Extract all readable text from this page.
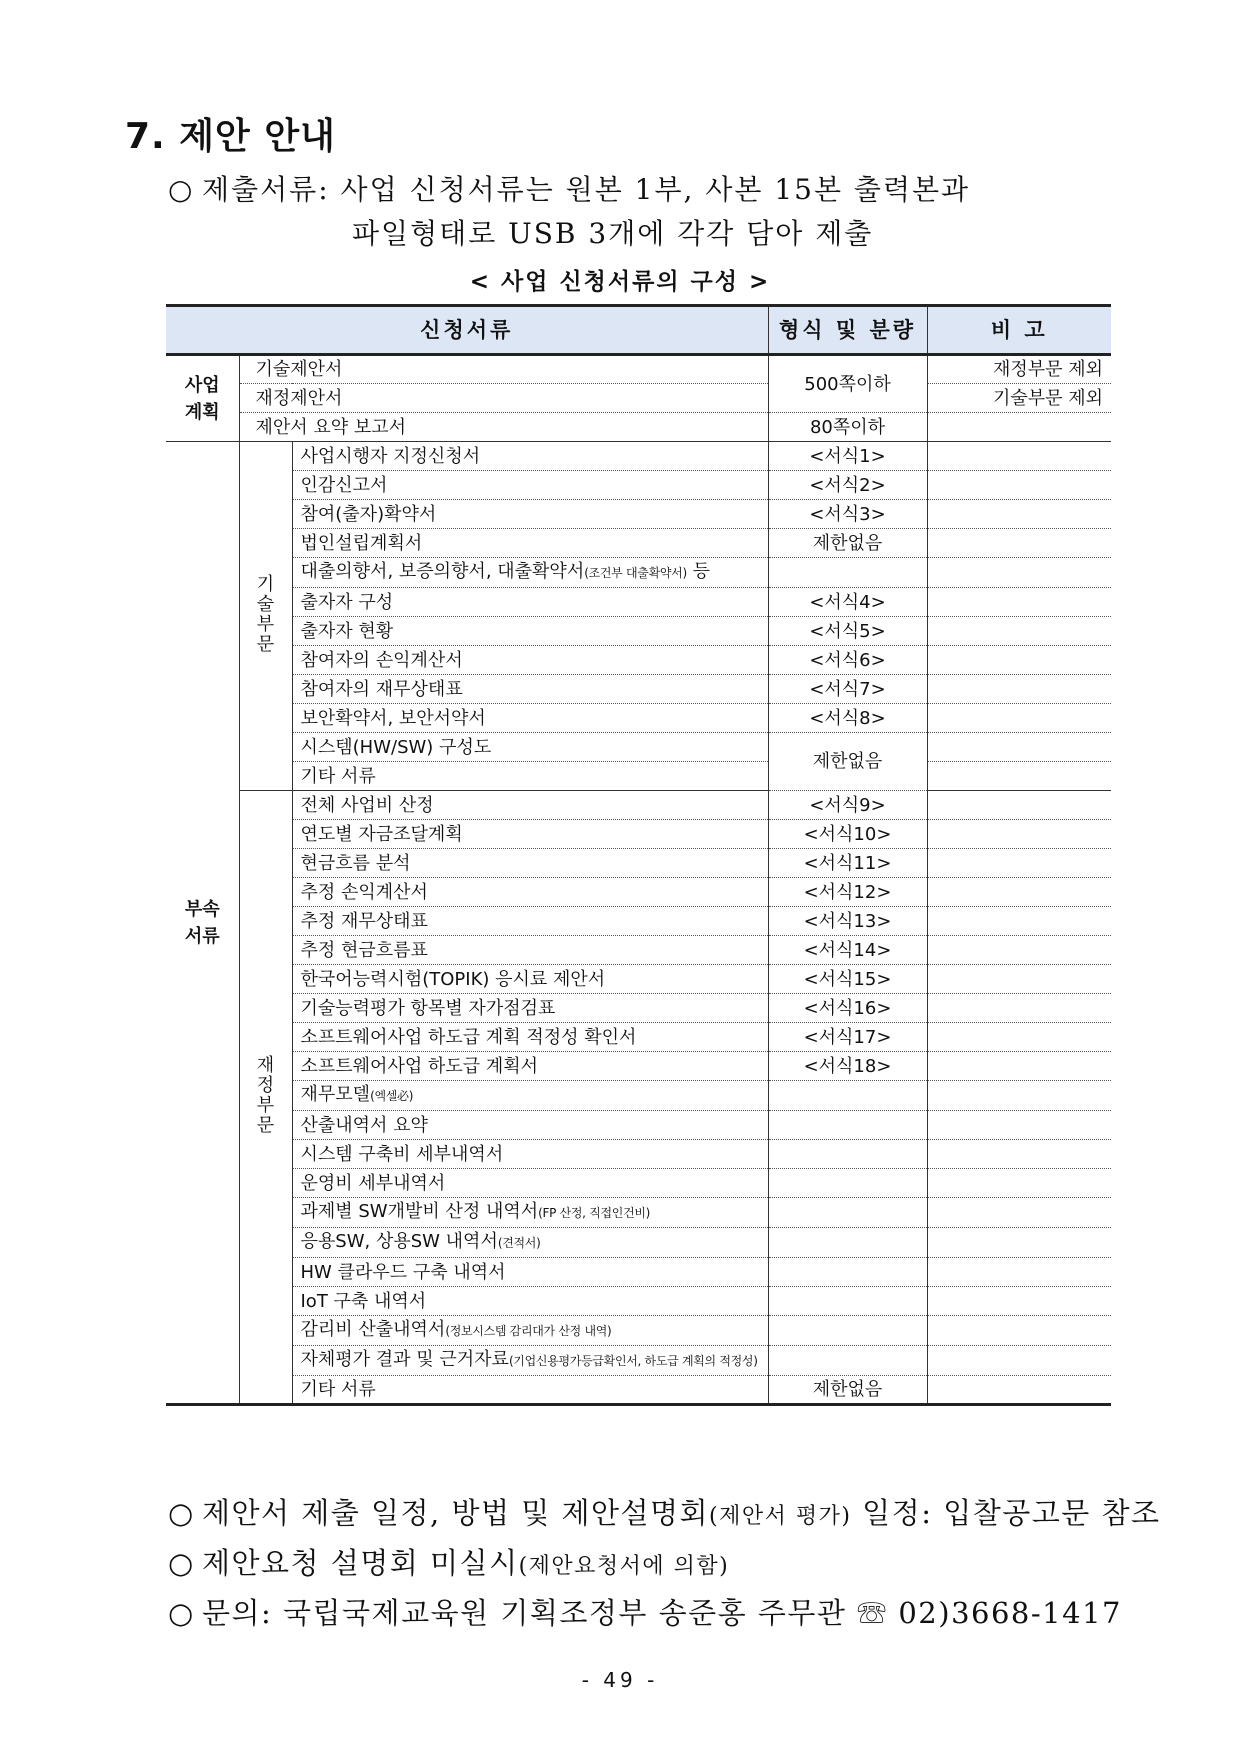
7. 제안 안내
○ 제출서류: 사업 신청서류는 원본 1부, 사본 15본 출력본과
파일형태로 USB 3개에 각각 담아 제출
< 사업 신청서류의 구성 >
신청서류			형식 및 분량	비 고
사업계획	기술제안서		500쪽이하	재정부문 제외
	재정제안서			기술부문 제외
	제안서 요약 보고서		80쪽이하	
부속서류	기술부문	사업시행자 지정신청서	<서식1>	
		인감신고서	<서식2>	
		참여(출자)확약서	<서식3>	
		법인설립계획서	제한없음	
		대출의향서, 보증의향서, 대출확약서(조건부 대출확약서) 등		
		출자자 구성	<서식4>	
		출자자 현황	<서식5>	
		참여자의 손익계산서	<서식6>	
		참여자의 재무상태표	<서식7>	
		보안확약서, 보안서약서	<서식8>	
		시스템(HW/SW) 구성도	제한없음	
		기타 서류		
	재정부문	전체 사업비 산정	<서식9>	
		연도별 자금조달계획	<서식10>	
		현금흐름 분석	<서식11>	
		추정 손익계산서	<서식12>	
		추정 재무상태표	<서식13>	
		추정 현금흐름표	<서식14>	
		한국어능력시험(TOPIK) 응시료 제안서	<서식15>	
		기술능력평가 항목별 자가점검표	<서식16>	
		소프트웨어사업 하도급 계획 적정성 확인서	<서식17>	
		소프트웨어사업 하도급 계획서	<서식18>	
		재무모델(엑셀必)		
		산출내역서 요약		
		시스템 구축비 세부내역서		
		운영비 세부내역서		
		과제별 SW개발비 산정 내역서(FP 산정, 직접인건비)		
		응용SW, 상용SW 내역서(견적서)		
		HW 클라우드 구축 내역서		
		IoT 구축 내역서		
		감리비 산출내역서(정보시스템 감리대가 산정 내역)		
		자체평가 결과 및 근거자료(기업신용평가등급확인서, 하도급 계획의 적정성)		
		기타 서류	제한없음	
○ 제안서 제출 일정, 방법 및 제안설명회(제안서 평가) 일정: 입찰공고문 참조
○ 제안요청 설명회 미실시(제안요청서에 의함)
○ 문의: 국립국제교육원 기획조정부 송준홍 주무관 ☏ 02)3668-1417
- 49 -
